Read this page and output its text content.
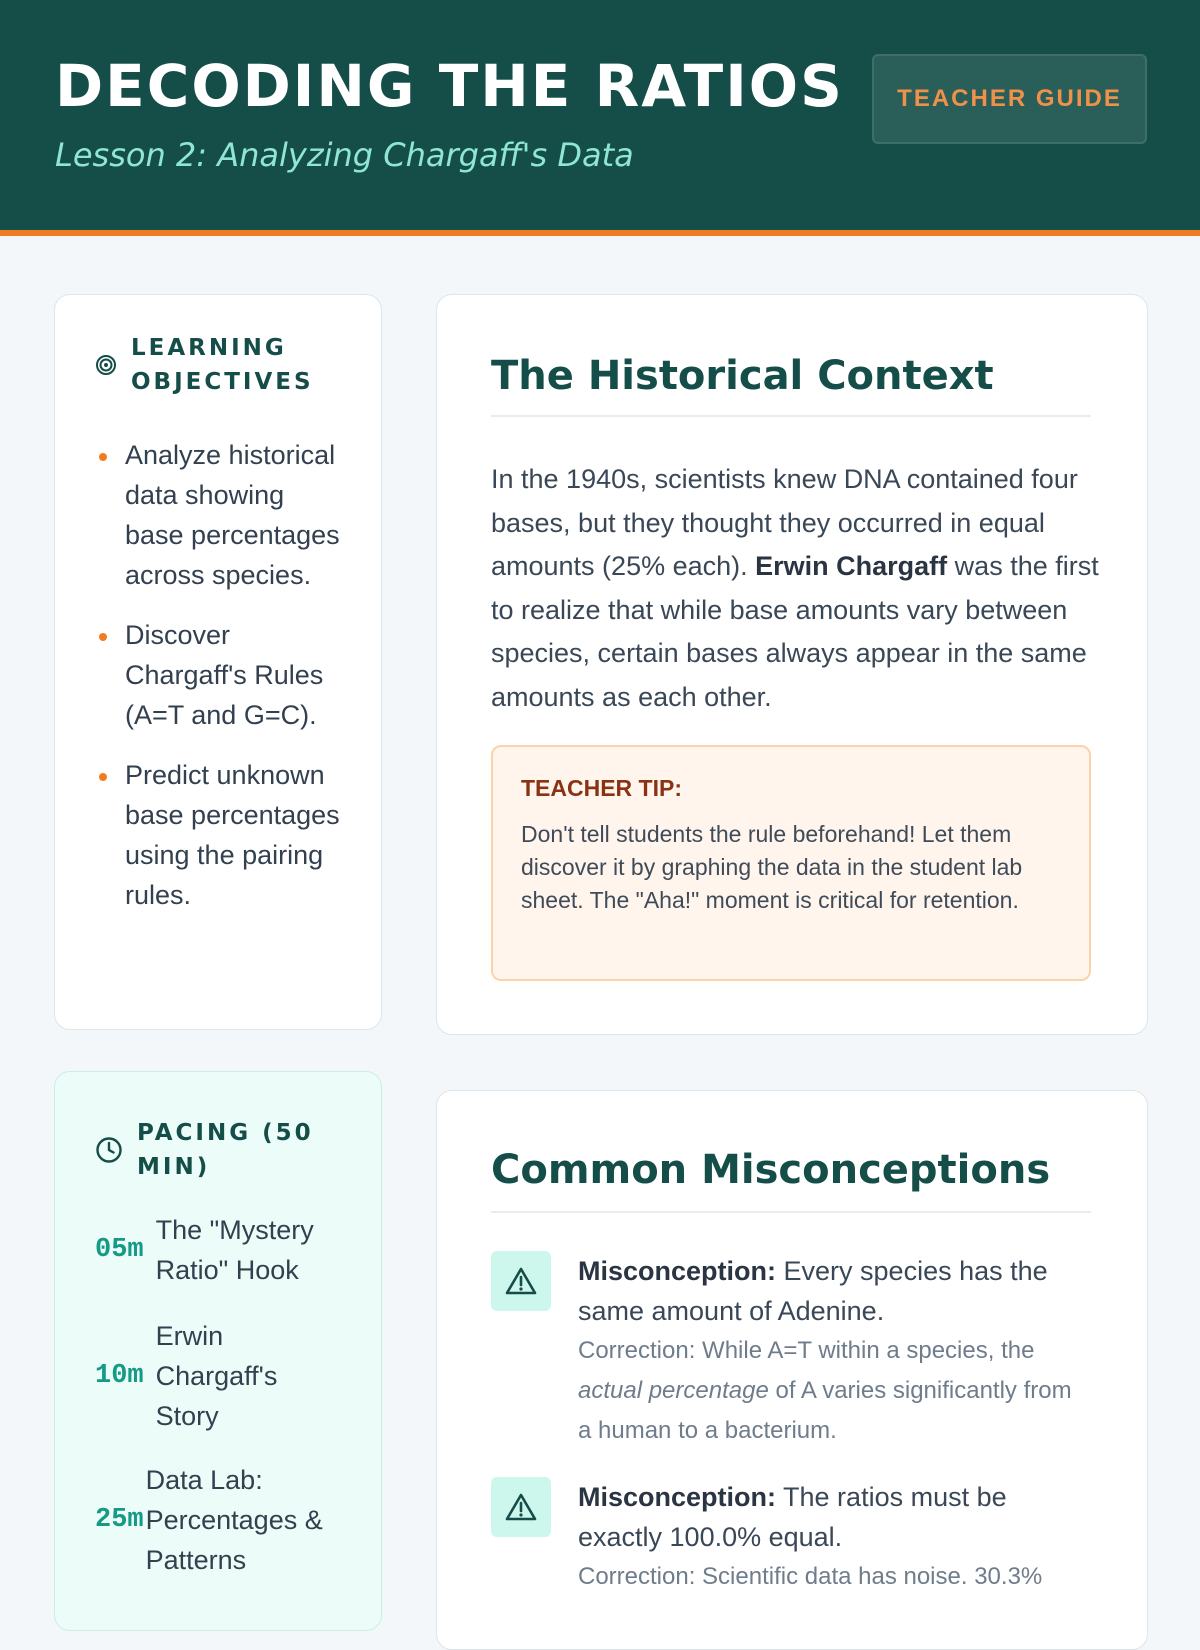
DECODING THE RATIOS
Lesson 2: Analyzing Chargaff's Data
TEACHER GUIDE
LEARNING
OBJECTIVES
Analyze historical data showing base percentages across species.
Discover Chargaff's Rules (A=T and G=C).
Predict unknown base percentages using the pairing rules.
PACING (50
MIN)
05m
The "Mystery Ratio" Hook
10m
Erwin Chargaff's Story
25m
Data Lab: Percentages & Patterns
The Historical Context
In the 1940s, scientists knew DNA contained four bases, but they thought they occurred in equal amounts (25% each). Erwin Chargaff was the first to realize that while base amounts vary between species, certain bases always appear in the same amounts as each other.
TEACHER TIP:
Don't tell students the rule beforehand! Let them discover it by graphing the data in the student lab sheet. The "Aha!" moment is critical for retention.
Common Misconceptions
Misconception: Every species has the same amount of Adenine.
Correction: While A=T within a species, the actual percentage of A varies significantly from a human to a bacterium.
Misconception: The ratios must be exactly 100.0% equal.
Correction: Scientific data has noise. 30.3%
